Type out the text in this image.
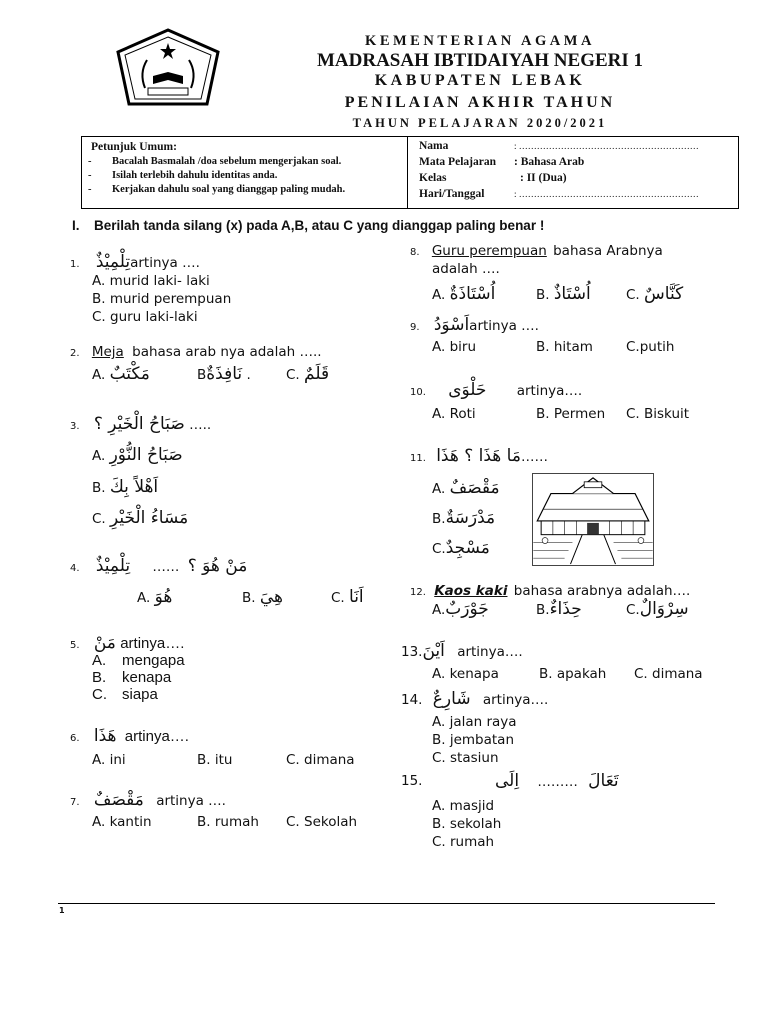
KEMENTERIAN AGAMA
MADRASAH IBTIDAIYAH NEGERI 1
KABUPATEN LEBAK
PENILAIAN AKHIR TAHUN
TAHUN PELAJARAN 2020/2021
Petunjuk Umum:
- Bacalah Basmalah /doa sebelum mengerjakan soal.
- Isilah terlebih dahulu identitas anda.
- Kerjakan dahulu soal yang dianggap paling mudah.
Nama	: ……………………………………………………
Mata Pelajaran : Bahasa Arab
Kelas	: II (Dua)
Hari/Tanggal	: ……………………………………………………
I. Berilah tanda silang (x) pada A,B, atau C yang dianggap paling benar !
1. تِلْمِيْذٌartinya ….
A. murid laki- laki
B. murid perempuan
C. guru laki-laki
2. Meja bahasa arab nya adalah …..
A. مَكْتَبٌ	Bنَافِذَةٌ .	C. قَلَمٌ
3. صَبَاحُ الْخَيْرِ ؟ …..
A. صَبَاحُ النُّوْرِ
B. اَهْلاً بِكَ
C. مَسَاءُ الْخَيْرِ
4. تِلْمِيْذٌ …… مَنْ هُوَ ؟
A. هُوَ	B. هِيَ	C. اَنَا
5. مَنْ artinya….
A. mengapa
B. kenapa
C. siapa
6. هَذَا artinya….
A. ini	B. itu	C. dimana
7. مَقْصَفٌ artinya ….
A. kantin	B. rumah C. Sekolah
8. Guru perempuan bahasa Arabnya
adalah ….
A. اُسْتَاذَةٌ	B. اُسْتَاذٌ	C. كَنَّاسٌ
9. اَسْوَدُartinya ….
A. biru	B. hitam C.putih
10. حَلْوَى artinya….
A. Roti	B. Permen C. Biskuit
11. مَا هَذَا ؟ هَذَا……
A. مَقْصَفٌ
B.مَدْرَسَةٌ
C.مَسْجِدٌ
12. Kaos kaki bahasa arabnya adalah….
A.جَوْرَبٌ	B.حِذَاءٌ	C.سِرْوَالٌ
13.اَيْنَ artinya….
A. kenapa	B. apakah C. dimana
14. شَارِعٌ artinya….
A. jalan raya
B. jembatan
C. stasiun
15.	اِلَى ……… تَعَالَ
A. masjid
B. sekolah
C. rumah
1
